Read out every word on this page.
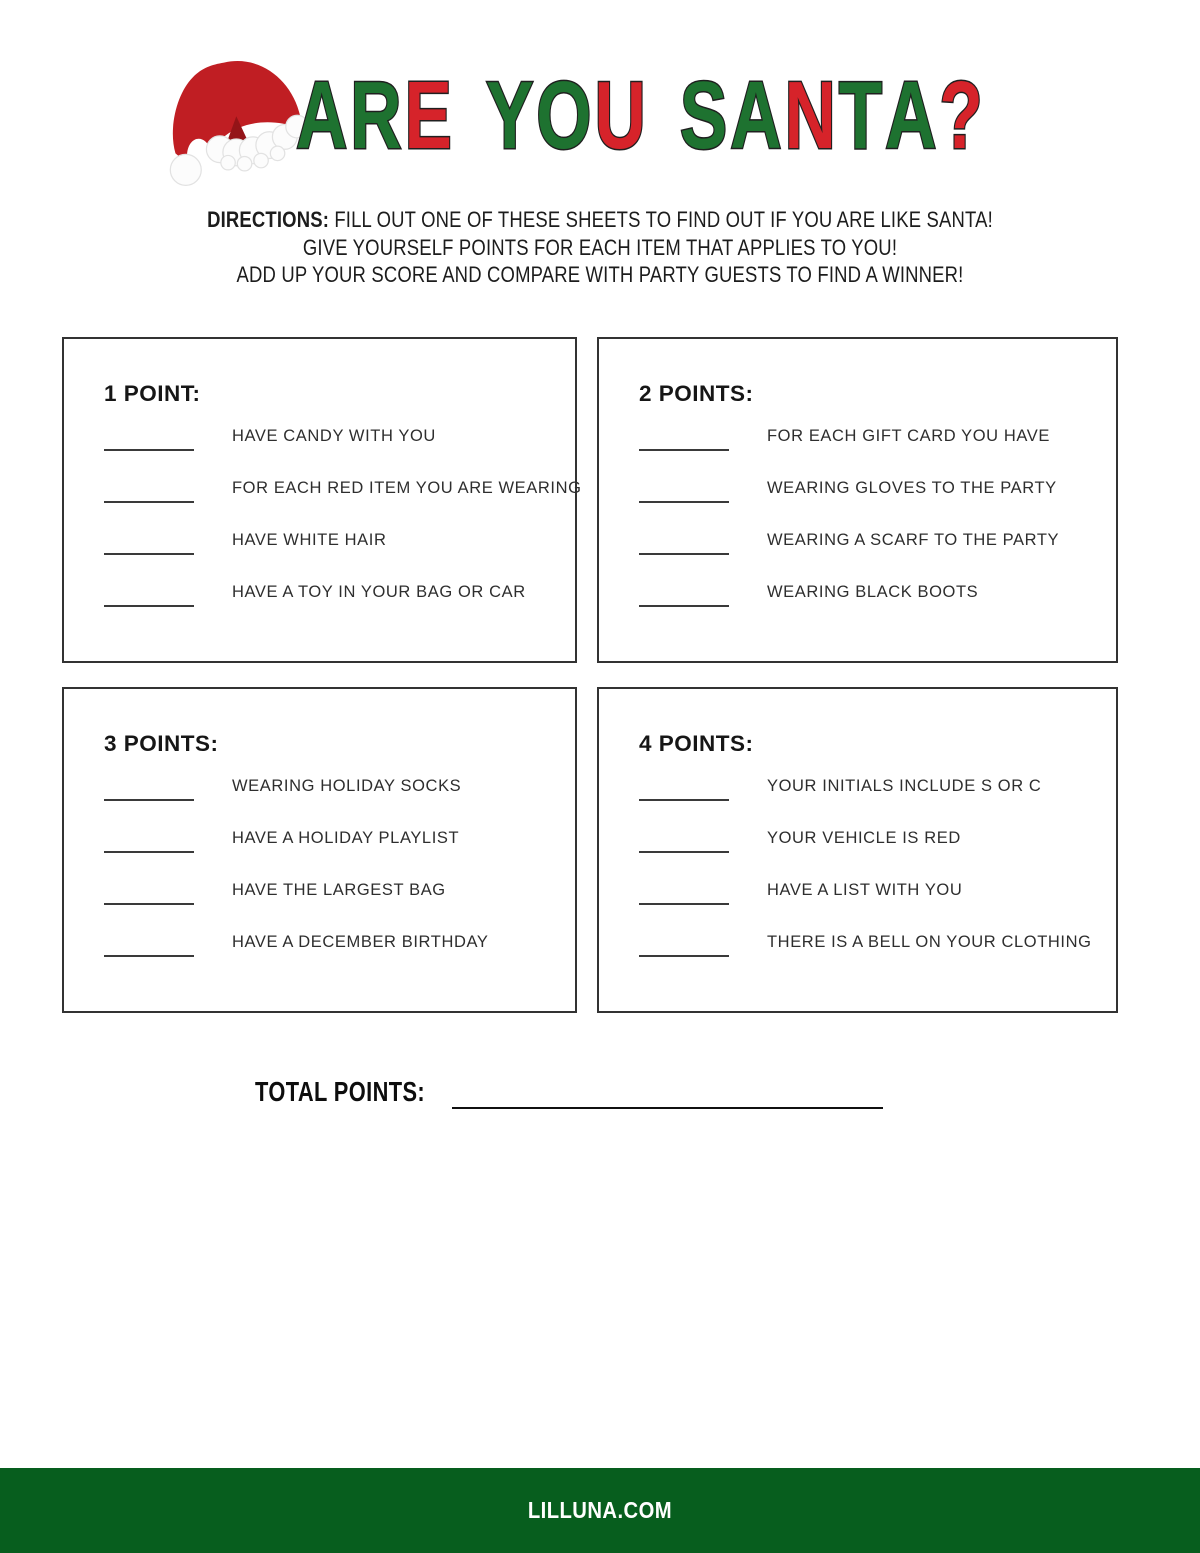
A R E Y O U S A N T A ?
DIRECTIONS: FILL OUT ONE OF THESE SHEETS TO FIND OUT IF YOU ARE LIKE SANTA!
GIVE YOURSELF POINTS FOR EACH ITEM THAT APPLIES TO YOU!
ADD UP YOUR SCORE AND COMPARE WITH PARTY GUESTS TO FIND A WINNER!
1 POINT:
HAVE CANDY WITH YOU
FOR EACH RED ITEM YOU ARE WEARING
HAVE WHITE HAIR
HAVE A TOY IN YOUR BAG OR CAR
2 POINTS:
FOR EACH GIFT CARD YOU HAVE
WEARING GLOVES TO THE PARTY
WEARING A SCARF TO THE PARTY
WEARING BLACK BOOTS
3 POINTS:
WEARING HOLIDAY SOCKS
HAVE A HOLIDAY PLAYLIST
HAVE THE LARGEST BAG
HAVE A DECEMBER BIRTHDAY
4 POINTS:
YOUR INITIALS INCLUDE S OR C
YOUR VEHICLE IS RED
HAVE A LIST WITH YOU
THERE IS A BELL ON YOUR CLOTHING
TOTAL POINTS:
LILLUNA.COM
